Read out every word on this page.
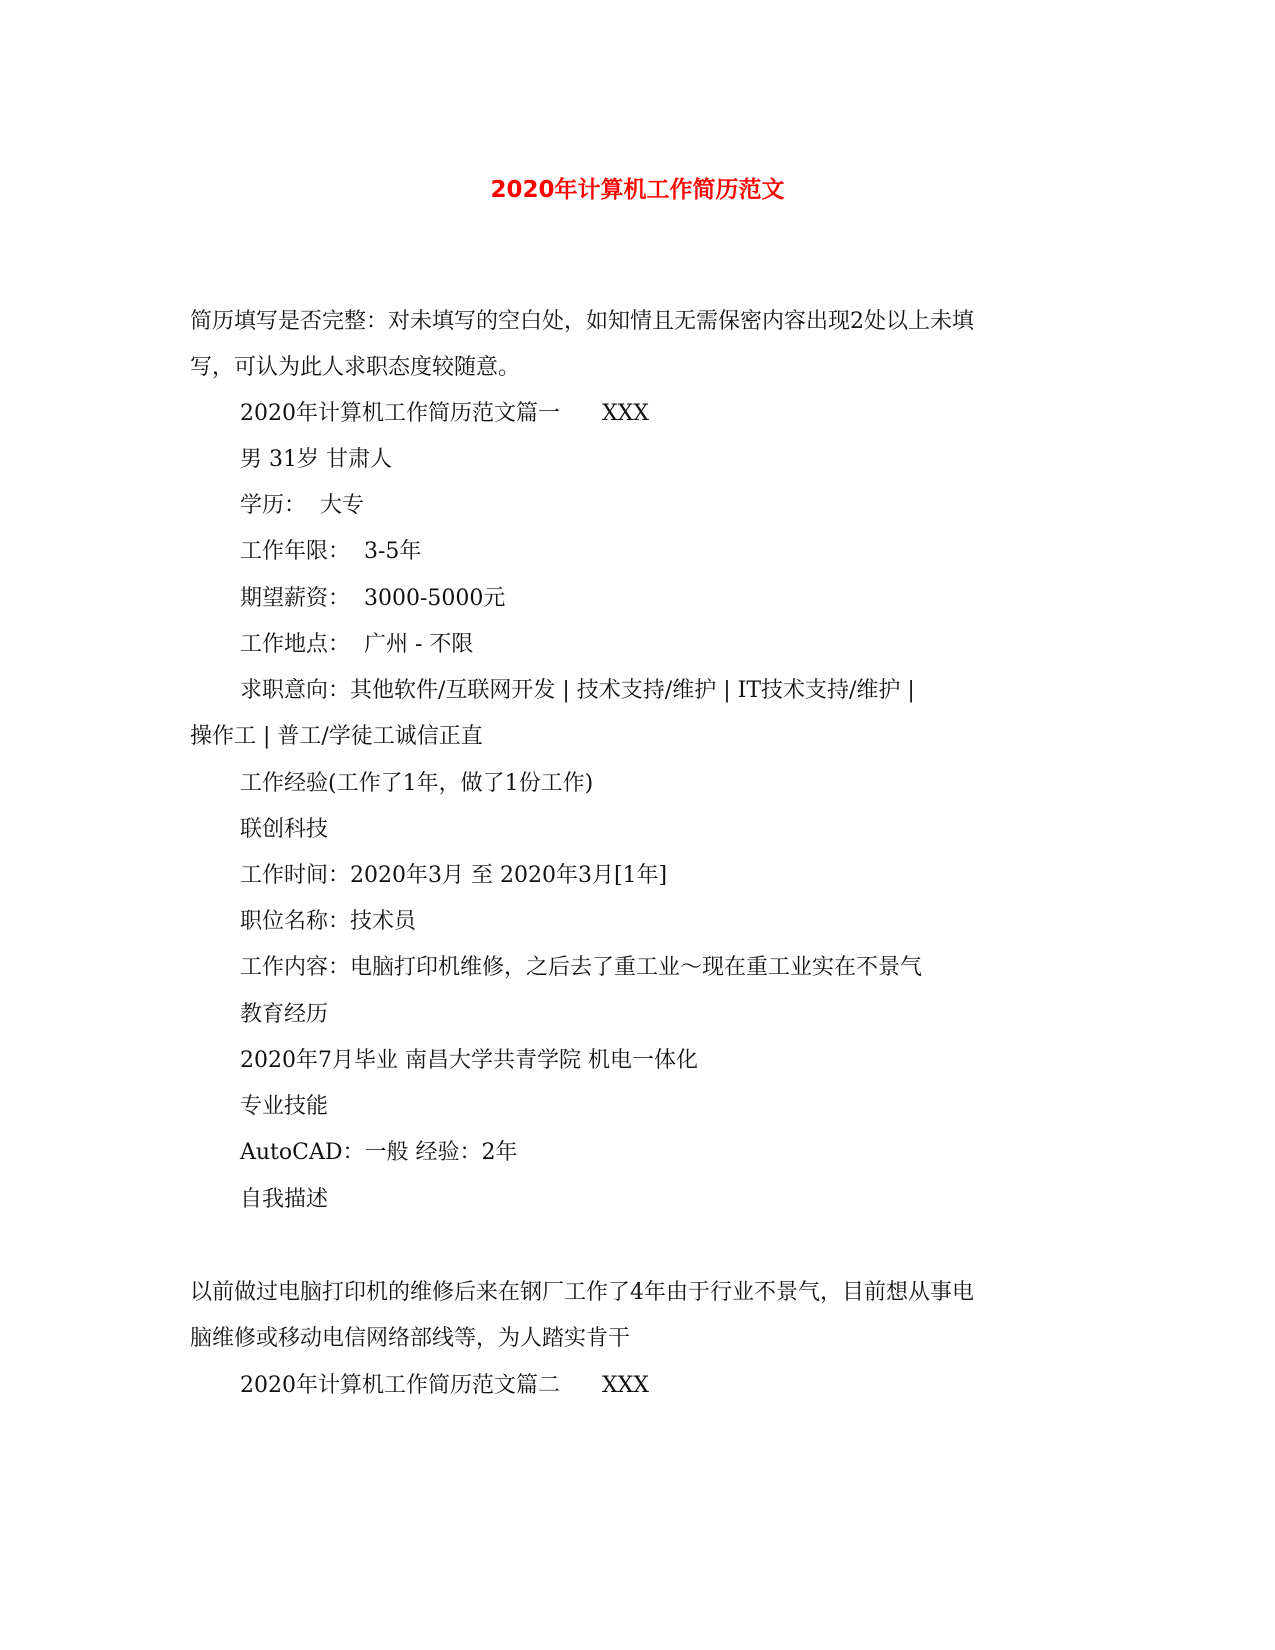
2020年计算机工作简历范文
简历填写是否完整：对未填写的空白处，如知情且无需保密内容出现2处以上未填
写，可认为此人求职态度较随意。
2020年计算机工作简历范文篇一      XXX
男 31岁 甘肃人
学历：  大专
工作年限：  3-5年
期望薪资：  3000-5000元
工作地点：  广州 - 不限
求职意向：其他软件/互联网开发 | 技术支持/维护 | IT技术支持/维护 |
操作工 | 普工/学徒工诚信正直
工作经验(工作了1年，做了1份工作)
联创科技
工作时间：2020年3月 至 2020年3月[1年]
职位名称：技术员
工作内容：电脑打印机维修，之后去了重工业～现在重工业实在不景气
教育经历
2020年7月毕业 南昌大学共青学院 机电一体化
专业技能
AutoCAD：一般 经验：2年
自我描述
以前做过电脑打印机的维修后来在钢厂工作了4年由于行业不景气，目前想从事电
脑维修或移动电信网络部线等，为人踏实肯干
2020年计算机工作简历范文篇二      XXX
